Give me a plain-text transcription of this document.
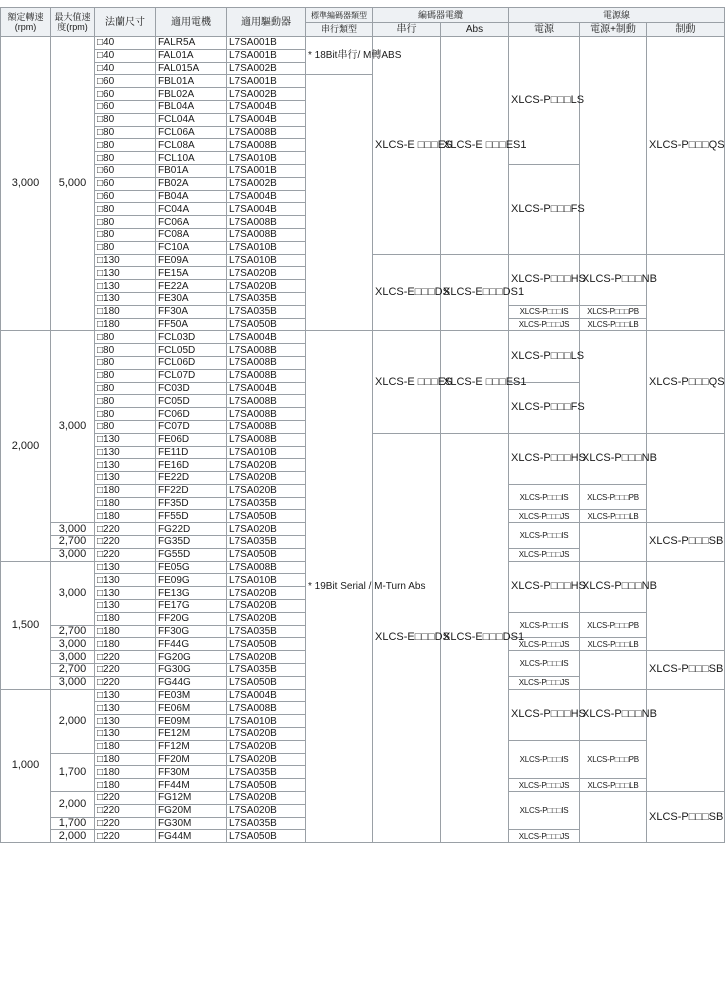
額定轉速(rpm)	最大值速度(rpm)	法蘭尺寸	適用電機	適用驅動器	標準編碼器類型	編碼器電纜		電源線		
					串行類型	串行	Abs	電源	電源+制動	制動
3,000	5,000	□40	FALR5A	L7SA001B	* 18Bit串行/ M轉ABS	XLCS-E □□□ES	XLCS-E □□□ES1	XLCS-P□□□LS		XLCS-P□□□QS
		□40	FAL01A	L7SA001B						
		□40	FAL015A	L7SA002B						
		□60	FBL01A	L7SA001B						
		□60	FBL02A	L7SA002B						
		□60	FBL04A	L7SA004B						
		□80	FCL04A	L7SA004B						
		□80	FCL06A	L7SA008B						
		□80	FCL08A	L7SA008B						
		□80	FCL10A	L7SA010B						
		□60	FB01A	L7SA001B				XLCS-P□□□FS		
		□60	FB02A	L7SA002B						
		□60	FB04A	L7SA004B						
		□80	FC04A	L7SA004B						
		□80	FC06A	L7SA008B						
		□80	FC08A	L7SA008B						
		□80	FC10A	L7SA010B						
		□130	FE09A	L7SA010B		XLCS-E□□□DS	XLCS-E□□□DS1	XLCS-P□□□HS	XLCS-P□□□NB	
		□130	FE15A	L7SA020B						
		□130	FE22A	L7SA020B						
		□130	FE30A	L7SA035B						
		□180	FF30A	L7SA035B				XLCS-P□□□IS	XLCS-P□□□PB	
		□180	FF50A	L7SA050B				XLCS-P□□□JS	XLCS-P□□□LB	
2,000	3,000	□80	FCL03D	L7SA004B	* 19Bit Serial / M-Turn Abs	XLCS-E □□□ES	XLCS-E □□□ES1	XLCS-P□□□LS		XLCS-P□□□QS
		□80	FCL05D	L7SA008B						
		□80	FCL06D	L7SA008B						
		□80	FCL07D	L7SA008B						
		□80	FC03D	L7SA004B				XLCS-P□□□FS		
		□80	FC05D	L7SA008B						
		□80	FC06D	L7SA008B						
		□80	FC07D	L7SA008B						
		□130	FE06D	L7SA008B		XLCS-E□□□DS	XLCS-E□□□DS1	XLCS-P□□□HS	XLCS-P□□□NB	
		□130	FE11D	L7SA010B						
		□130	FE16D	L7SA020B						
		□130	FE22D	L7SA020B						
		□180	FF22D	L7SA020B				XLCS-P□□□IS	XLCS-P□□□PB	
		□180	FF35D	L7SA035B						
		□180	FF55D	L7SA050B				XLCS-P□□□JS	XLCS-P□□□LB	
	3,000	□220	FG22D	L7SA020B				XLCS-P□□□IS		XLCS-P□□□SB
	2,700	□220	FG35D	L7SA035B						
	3,000	□220	FG55D	L7SA050B				XLCS-P□□□JS		
1,500	3,000	□130	FE05G	L7SA008B				XLCS-P□□□HS	XLCS-P□□□NB	
		□130	FE09G	L7SA010B						
		□130	FE13G	L7SA020B						
		□130	FE17G	L7SA020B						
		□180	FF20G	L7SA020B				XLCS-P□□□IS	XLCS-P□□□PB	
	2,700	□180	FF30G	L7SA035B						
	3,000	□180	FF44G	L7SA050B				XLCS-P□□□JS	XLCS-P□□□LB	
	3,000	□220	FG20G	L7SA020B				XLCS-P□□□IS		XLCS-P□□□SB
	2,700	□220	FG30G	L7SA035B						
	3,000	□220	FG44G	L7SA050B				XLCS-P□□□JS		
1,000	2,000	□130	FE03M	L7SA004B				XLCS-P□□□HS	XLCS-P□□□NB	
		□130	FE06M	L7SA008B						
		□130	FE09M	L7SA010B						
		□130	FE12M	L7SA020B						
		□180	FF12M	L7SA020B				XLCS-P□□□IS	XLCS-P□□□PB	
	1,700	□180	FF20M	L7SA020B						
		□180	FF30M	L7SA035B						
		□180	FF44M	L7SA050B				XLCS-P□□□JS	XLCS-P□□□LB	
	2,000	□220	FG12M	L7SA020B				XLCS-P□□□IS		XLCS-P□□□SB
		□220	FG20M	L7SA020B						
	1,700	□220	FG30M	L7SA035B						
	2,000	□220	FG44M	L7SA050B				XLCS-P□□□JS		
